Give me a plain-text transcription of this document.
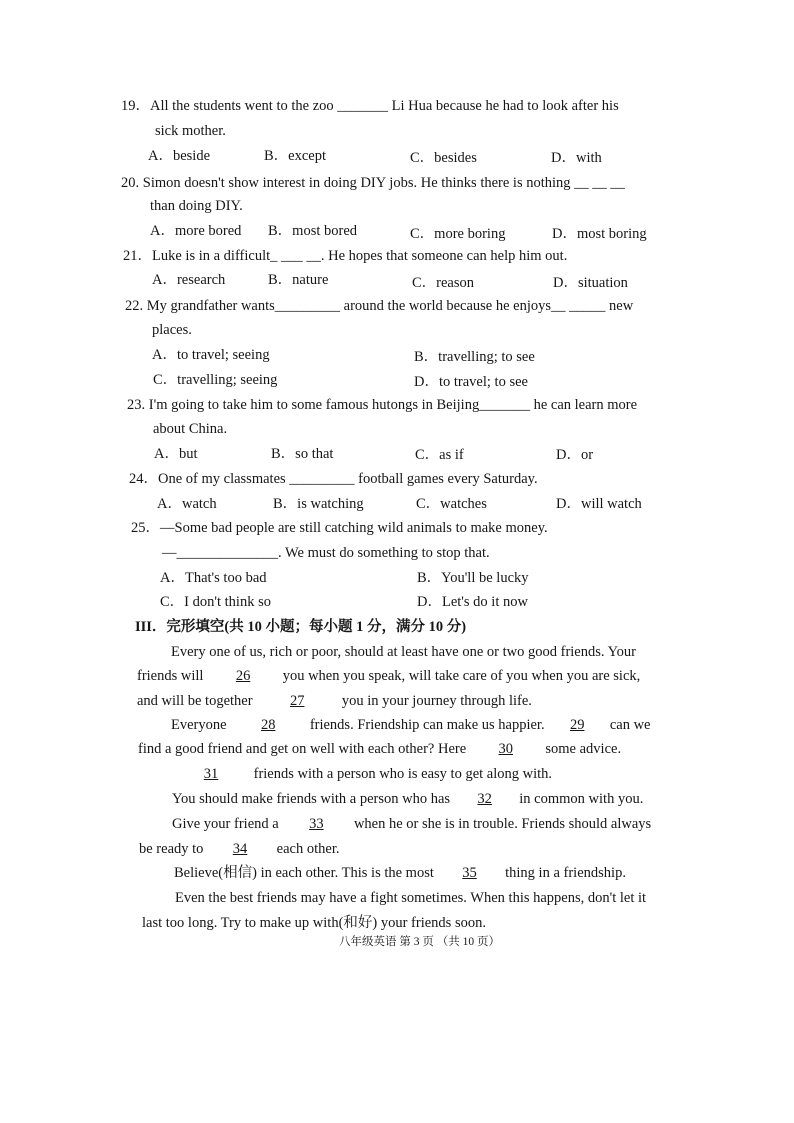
19．All the students went to the zoo _______ Li Hua because he had to look after his
sick mother.
A．beside	B．except	C．besides	D．with
20. Simon doesn't show interest in doing DIY jobs. He thinks there is nothing __ __ __
than doing DIY.
A．more bored B．most bored	C．more boring	D．most boring
21．Luke is in a difficult_ ___ __. He hopes that someone can help him out.
A．research	B．nature	C．reason	D．situation
22. My grandfather wants_________ around the world because he enjoys__ _____ new
places.
A．to travel; seeing	B．travelling; to see
C．travelling; seeing	D．to travel; to see
23. I'm going to take him to some famous hutongs in Beijing_______ he can learn more
about China.
A．but	B．so that	C．as if	D．or
24．One of my classmates _________ football games every Saturday.
A．watch	B．is watching	C．watches	D．will watch
25．—Some bad people are still catching wild animals to make money.
—______________. We must do something to stop that.
A．That's too bad	B．You'll be lucky
C．I don't think so	D．Let's do it now
III．完形填空(共 10 小题；每小题 1 分，满分 10 分)
Every one of us, rich or poor, should at least have one or two good friends. Your
friends will 26 you when you speak, will take care of you when you are sick,
and will be together 27 you in your journey through life.
Everyone 28 friends. Friendship can make us happier. 29 can we
find a good friend and get on well with each other? Here 30 some advice.
31 friends with a person who is easy to get along with.
You should make friends with a person who has 32 in common with you.
Give your friend a 33 when he or she is in trouble. Friends should always
be ready to 34 each other.
Believe(相信) in each other. This is the most 35 thing in a friendship.
Even the best friends may have a fight sometimes. When this happens, don't let it
last too long. Try to make up with(和好) your friends soon.
八年级英语 第 3 页 （共 10 页）
